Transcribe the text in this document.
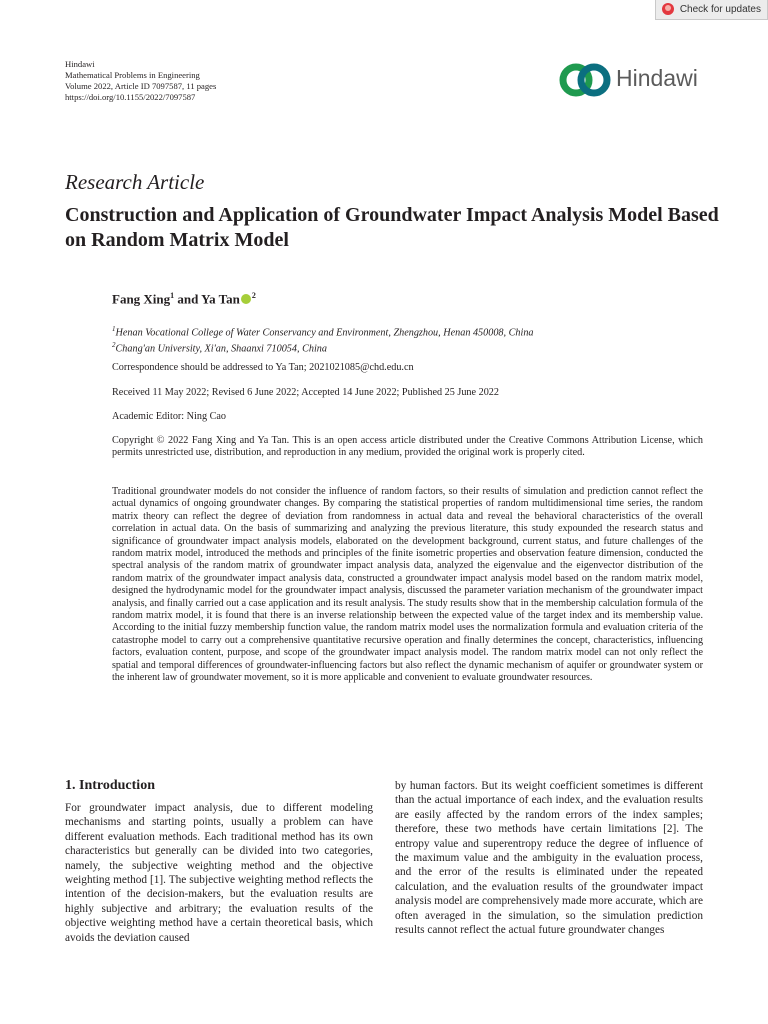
Check for updates
Hindawi
Mathematical Problems in Engineering
Volume 2022, Article ID 7097587, 11 pages
https://doi.org/10.1155/2022/7097587
Hindawi
Research Article
Construction and Application of Groundwater Impact Analysis Model Based on Random Matrix Model
Fang Xing$^1$ and Ya Tan $^2$
$^1$Henan Vocational College of Water Conservancy and Environment, Zhengzhou, Henan 450008, China
$^2$Chang'an University, Xi'an, Shaanxi 710054, China
Correspondence should be addressed to Ya Tan; 2021021085@chd.edu.cn
Received 11 May 2022; Revised 6 June 2022; Accepted 14 June 2022; Published 25 June 2022
Academic Editor: Ning Cao
Copyright © 2022 Fang Xing and Ya Tan. This is an open access article distributed under the Creative Commons Attribution License, which permits unrestricted use, distribution, and reproduction in any medium, provided the original work is properly cited.
Traditional groundwater models do not consider the influence of random factors, so their results of simulation and prediction cannot reflect the actual dynamics of ongoing groundwater changes. By comparing the statistical properties of random multidimensional time series, the random matrix theory can reflect the degree of deviation from randomness in actual data and reveal the behavioral characteristics of the overall correlation in actual data. On the basis of summarizing and analyzing the previous literature, this study expounded the research status and significance of groundwater impact analysis models, elaborated on the development background, current status, and future challenges of the random matrix model, introduced the methods and principles of the finite isometric properties and observation feature dimension, conducted the spectral analysis of the random matrix of groundwater impact analysis data, analyzed the eigenvalue and the eigenvector distribution of the random matrix of the groundwater impact analysis data, constructed a groundwater impact analysis model based on the random matrix model, designed the hydrodynamic model for the groundwater impact analysis, discussed the parameter variation mechanism of the groundwater impact analysis, and finally carried out a case application and its result analysis. The study results show that in the membership calculation formula of the random matrix model, it is found that there is an inverse relationship between the expected value of the target index and its membership value. According to the initial fuzzy membership function value, the random matrix model uses the normalization formula and evaluation criteria of the catastrophe model to carry out a comprehensive quantitative recursive operation and finally determines the concept, characteristics, influencing factors, evaluation content, purpose, and scope of the groundwater impact analysis model. The random matrix model can not only reflect the spatial and temporal differences of groundwater-influencing factors but also reflect the dynamic mechanism of aquifer or groundwater system or the inherent law of groundwater movement, so it is more applicable and convenient to evaluate groundwater resources.
1. Introduction
For groundwater impact analysis, due to different modeling mechanisms and starting points, usually a problem can have different evaluation methods. Each traditional method has its own characteristics but generally can be divided into two categories, namely, the subjective weighting method and the objective weighting method [1]. The subjective weighting method reflects the intention of the decision-makers, but the evaluation results are highly subjective and arbitrary; the evaluation results of the objective weighting method have a certain theoretical basis, which avoids the deviation caused
by human factors. But its weight coefficient sometimes is different than the actual importance of each index, and the evaluation results are easily affected by the random errors of the index samples; therefore, these two methods have certain limitations [2]. The entropy value and superentropy reduce the degree of influence of the maximum value and the ambiguity in the evaluation process, and the error of the results is eliminated under the repeated calculation, and the evaluation results of the groundwater impact analysis model are comprehensively made more accurate, which are often averaged in the simulation, so the simulation prediction results cannot reflect the actual future groundwater changes
